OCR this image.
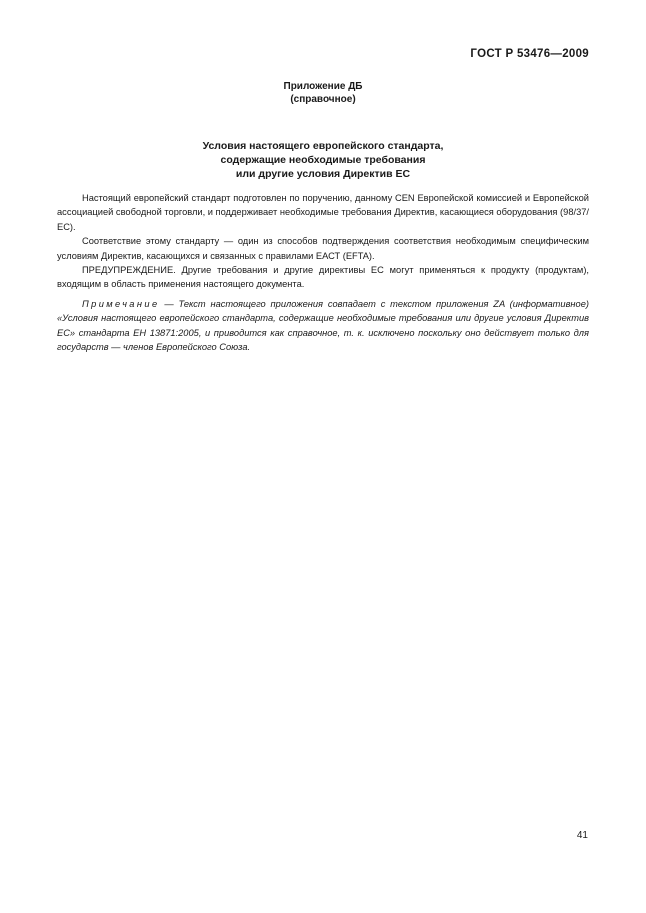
ГОСТ Р 53476—2009
Приложение ДБ
(справочное)
Условия настоящего европейского стандарта,
содержащие необходимые требования
или другие условия Директив ЕС

Настоящий европейский стандарт подготовлен по поручению, данному CEN Европейской комиссией и Европейской ассоциацией свободной торговли, и поддерживает необходимые требования Директив, касающиеся оборудования (98/37/ЕС).

Соответствие этому стандарту — один из способов подтверждения соответствия необходимым специфическим условиям Директив, касающихся и связанных с правилами ЕАСТ (EFTA).

ПРЕДУПРЕЖДЕНИЕ. Другие требования и другие директивы ЕС могут применяться к продукту (продуктам), входящим в область применения настоящего документа.

Примечание — Текст настоящего приложения совпадает с текстом приложения ZA (информативное) «Условия настоящего европейского стандарта, содержащие необходимые требования или другие условия Директив ЕС» стандарта ЕН 13871:2005, и приводится как справочное, т. к. исключено поскольку оно действует только для государств — членов Европейского Союза.

41
